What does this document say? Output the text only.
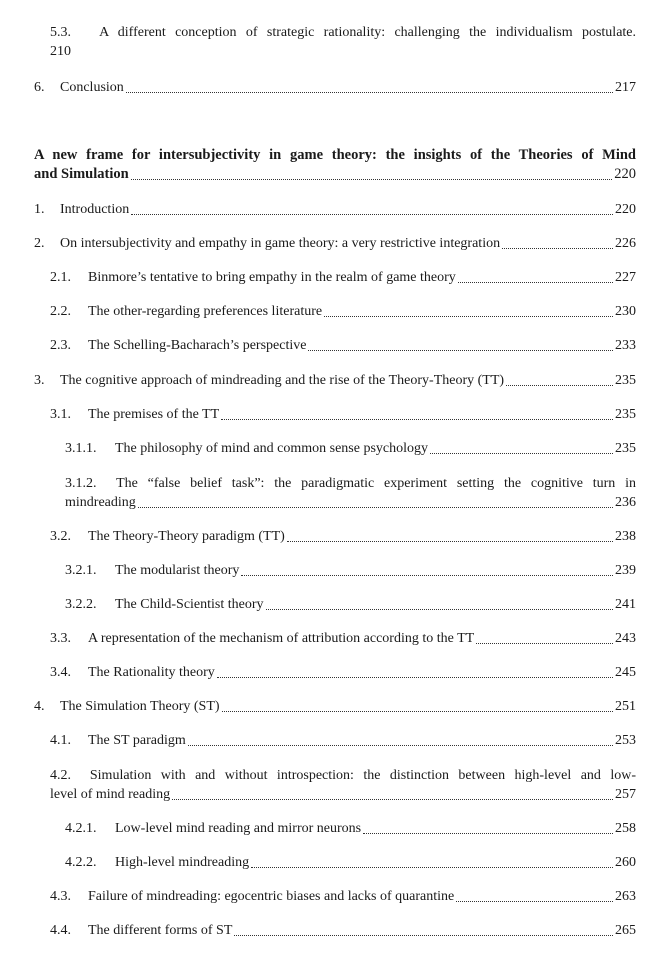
5.3. A different conception of strategic rationality: challenging the individualism postulate.
210
6.	Conclusion	217
A new frame for intersubjectivity in game theory: the insights of the Theories of Mind
and Simulation	220
1.	Introduction	220
2.	On intersubjectivity and empathy in game theory: a very restrictive integration	226
2.1.	Binmore’s tentative to bring empathy in the realm of game theory	227
2.2.	The other-regarding preferences literature	230
2.3.	The Schelling-Bacharach’s perspective	233
3.	The cognitive approach of mindreading and the rise of the Theory-Theory (TT)	235
3.1.	The premises of the TT	235
3.1.1.	The philosophy of mind and common sense psychology	235
3.1.2. The “false belief task”: the paradigmatic experiment setting the cognitive turn in
mindreading	236
3.2.	The Theory-Theory paradigm (TT)	238
3.2.1.	The modularist theory	239
3.2.2.	The Child-Scientist theory	241
3.3.	A representation of the mechanism of attribution according to the TT	243
3.4.	The Rationality theory	245
4.	The Simulation Theory (ST)	251
4.1.	The ST paradigm	253
4.2. Simulation with and without introspection: the distinction between high-level and low-
level of mind reading	257
4.2.1.	Low-level mind reading and mirror neurons	258
4.2.2.	High-level mindreading	260
4.3.	Failure of mindreading: egocentric biases and lacks of quarantine	263
4.4.	The different forms of ST	265
